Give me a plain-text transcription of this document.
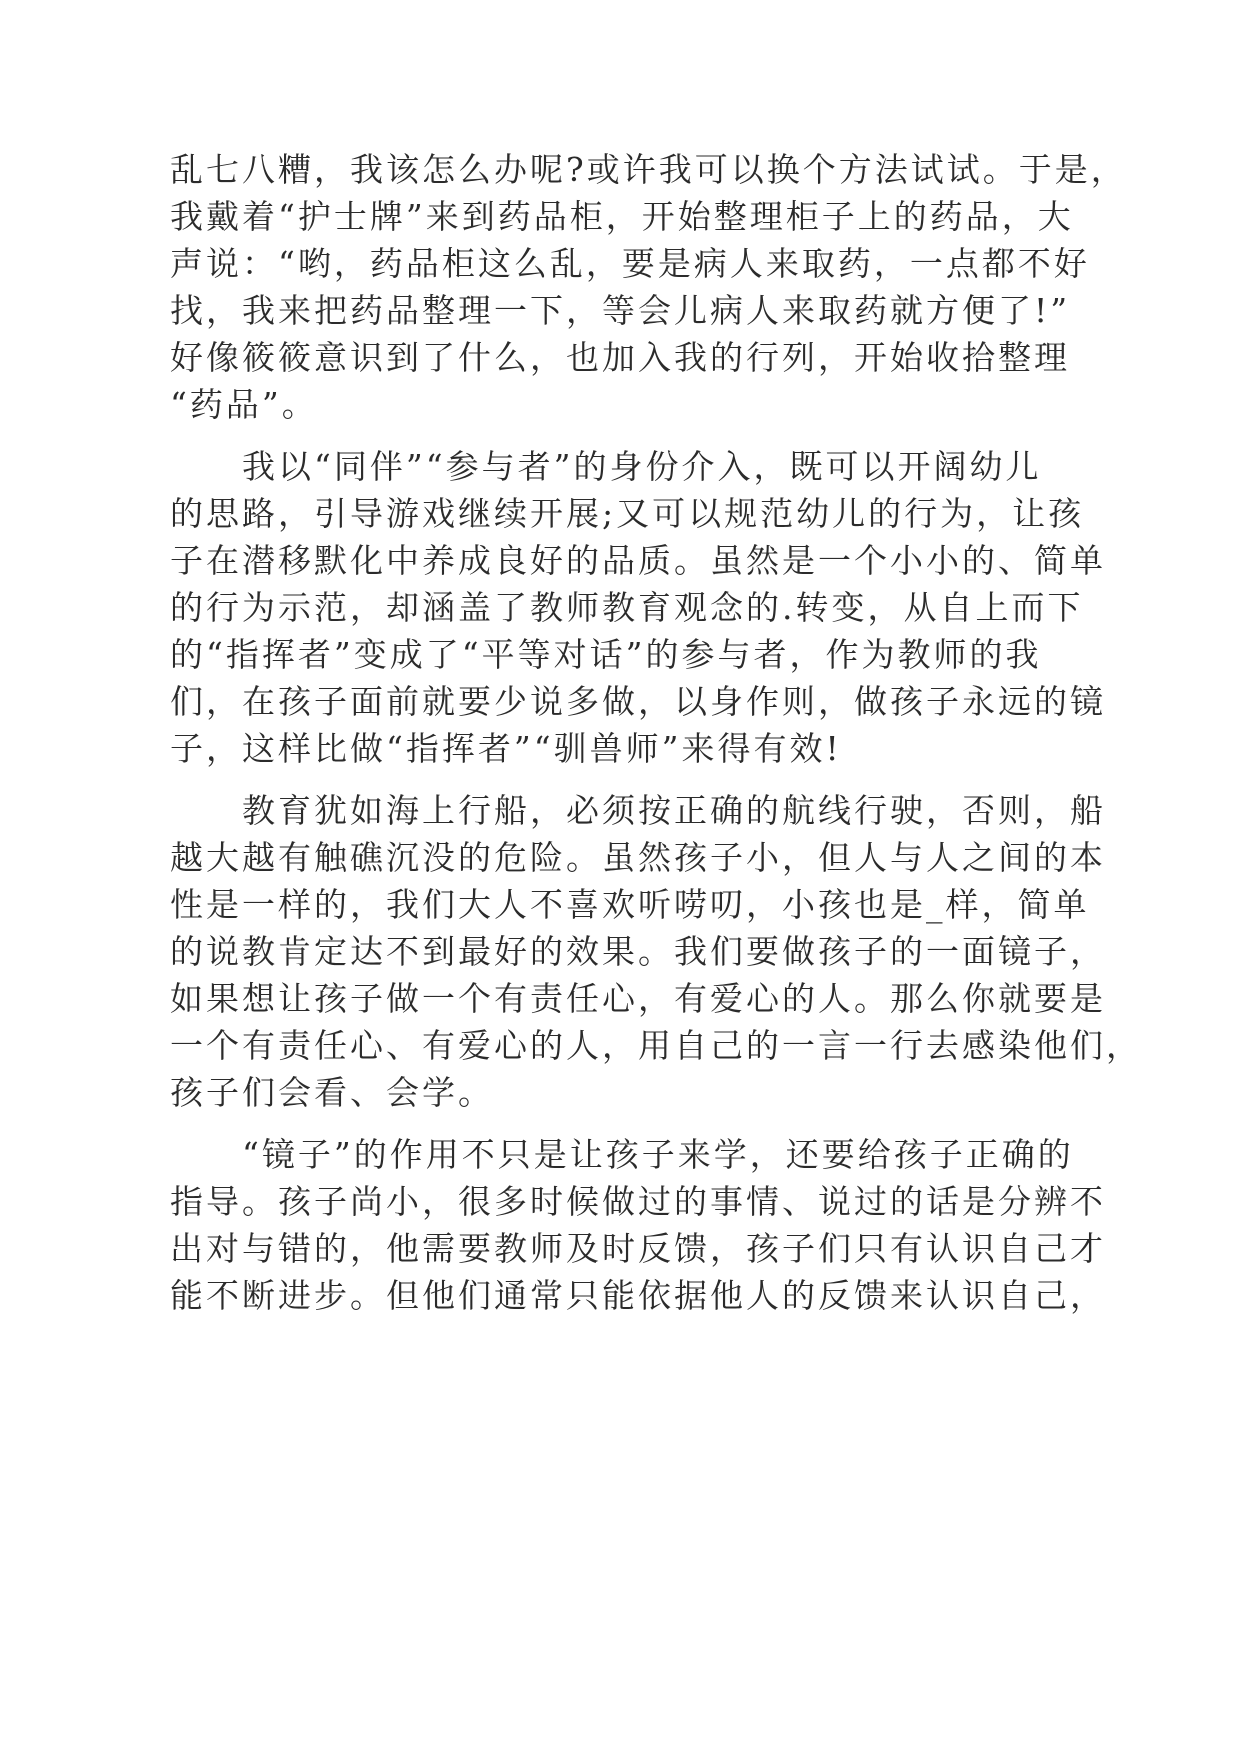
乱七八糟，我该怎么办呢?或许我可以换个方法试试。于是，
我戴着“护士牌”来到药品柜，开始整理柜子上的药品，大
声说：“哟，药品柜这么乱，要是病人来取药，一点都不好
找，我来把药品整理一下，等会儿病人来取药就方便了!”
好像筱筱意识到了什么，也加入我的行列，开始收拾整理
“药品”。

　　我以“同伴”“参与者”的身份介入，既可以开阔幼儿
的思路，引导游戏继续开展;又可以规范幼儿的行为，让孩
子在潜移默化中养成良好的品质。虽然是一个小小的、简单
的行为示范，却涵盖了教师教育观念的.转变，从自上而下
的“指挥者”变成了“平等对话”的参与者，作为教师的我
们，在孩子面前就要少说多做，以身作则，做孩子永远的镜
子，这样比做“指挥者”“驯兽师”来得有效!

　　教育犹如海上行船，必须按正确的航线行驶，否则，船
越大越有触礁沉没的危险。虽然孩子小，但人与人之间的本
性是一样的，我们大人不喜欢听唠叨，小孩也是_样，简单
的说教肯定达不到最好的效果。我们要做孩子的一面镜子，
如果想让孩子做一个有责任心，有爱心的人。那么你就要是
一个有责任心、有爱心的人，用自己的一言一行去感染他们，
孩子们会看、会学。

　　“镜子”的作用不只是让孩子来学，还要给孩子正确的
指导。孩子尚小，很多时候做过的事情、说过的话是分辨不
出对与错的，他需要教师及时反馈，孩子们只有认识自己才
能不断进步。但他们通常只能依据他人的反馈来认识自己，
